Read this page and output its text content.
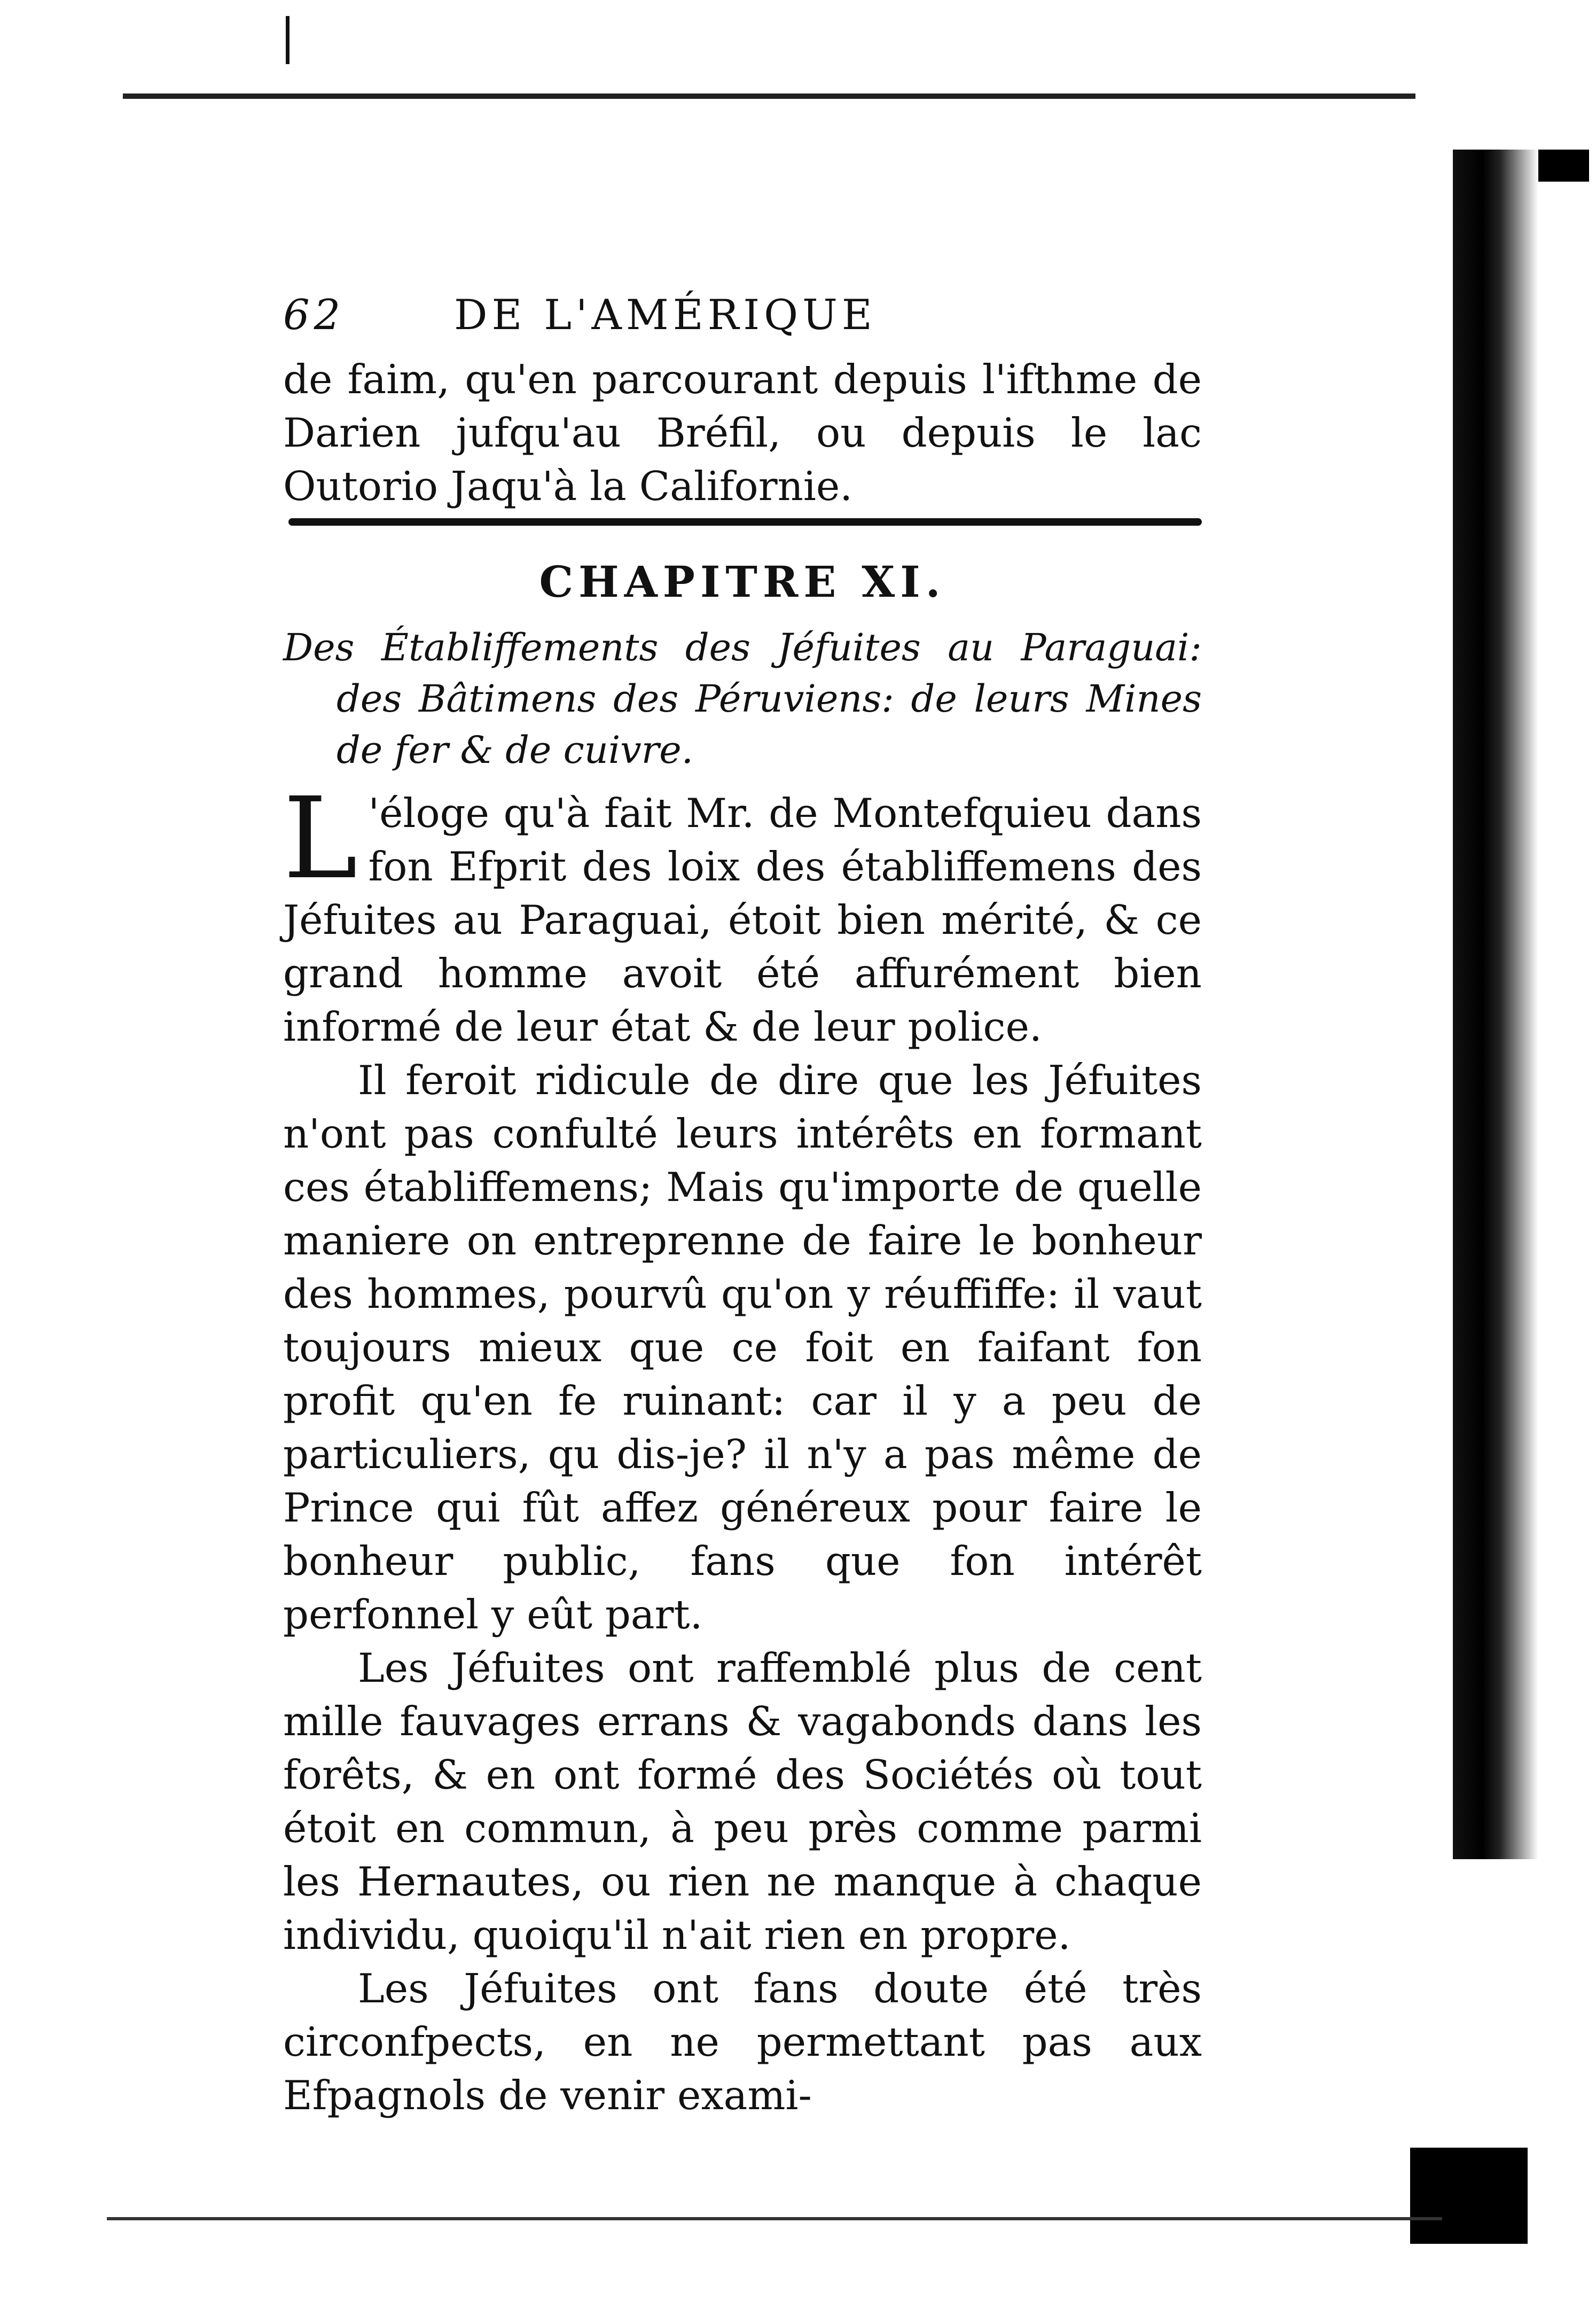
62	DE L'AMÉRIQUE

de faim, qu'en parcourant depuis l'ifthme de Darien jufqu'au Bréfil, ou depuis le lac Outorio Jaqu'à la Californie.

CHAPITRE XI.

Des Établiffements des Jéfuites au Paraguai: des Bâtimens des Péruviens: de leurs Mines de fer & de cuivre.

L 'éloge qu'à fait Mr. de Montefquieu dans fon Efprit des loix des établiffemens des Jéfuites au Paraguai, étoit bien mérité, & ce grand homme avoit été affurément bien informé de leur état & de leur police.

Il feroit ridicule de dire que les Jéfuites n'ont pas confulté leurs intérêts en formant ces établiffemens; Mais qu'importe de quelle maniere on entreprenne de faire le bonheur des hommes, pourvû qu'on y réuffiffe: il vaut toujours mieux que ce foit en faifant fon profit qu'en fe ruinant: car il y a peu de particuliers, qu dis-je? il n'y a pas même de Prince qui fût affez généreux pour faire le bonheur public, fans que fon intérêt perfonnel y eût part.

Les Jéfuites ont raffemblé plus de cent mille fauvages errans & vagabonds dans les forêts, & en ont formé des Sociétés où tout étoit en commun, à peu près comme parmi les Hernautes, ou rien ne manque à chaque individu, quoiqu'il n'ait rien en propre.

Les Jéfuites ont fans doute été très circonfpects, en ne permettant pas aux Efpagnols de venir exami-
